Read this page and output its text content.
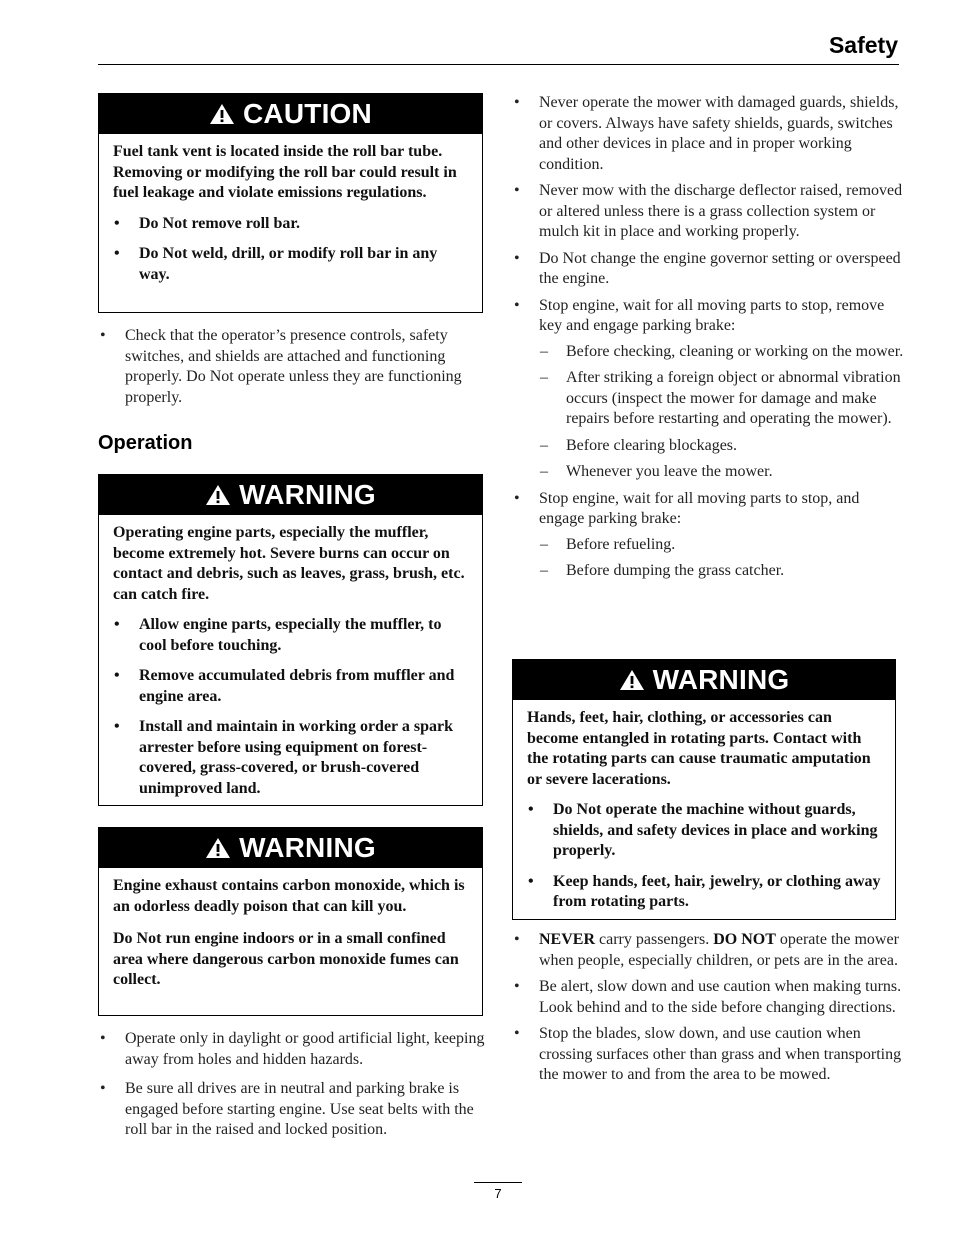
Safety
CAUTION

Fuel tank vent is located inside the roll bar tube. Removing or modifying the roll bar could result in fuel leakage and violate emissions regulations.

• Do Not remove roll bar.
• Do Not weld, drill, or modify roll bar in any way.
• Check that the operator’s presence controls, safety switches, and shields are attached and functioning properly. Do Not operate unless they are functioning properly.
Operation
WARNING

Operating engine parts, especially the muffler, become extremely hot. Severe burns can occur on contact and debris, such as leaves, grass, brush, etc. can catch fire.

• Allow engine parts, especially the muffler, to cool before touching.
• Remove accumulated debris from muffler and engine area.
• Install and maintain in working order a spark arrester before using equipment on forest-covered, grass-covered, or brush-covered unimproved land.
WARNING

Engine exhaust contains carbon monoxide, which is an odorless deadly poison that can kill you.

Do Not run engine indoors or in a small confined area where dangerous carbon monoxide fumes can collect.

• Operate only in daylight or good artificial light, keeping away from holes and hidden hazards.
• Be sure all drives are in neutral and parking brake is engaged before starting engine. Use seat belts with the roll bar in the raised and locked position.
• Never operate the mower with damaged guards, shields, or covers. Always have safety shields, guards, switches and other devices in place and in proper working condition.
• Never mow with the discharge deflector raised, removed or altered unless there is a grass collection system or mulch kit in place and working properly.
• Do Not change the engine governor setting or overspeed the engine.
• Stop engine, wait for all moving parts to stop, remove key and engage parking brake:
– Before checking, cleaning or working on the mower.
– After striking a foreign object or abnormal vibration occurs (inspect the mower for damage and make repairs before restarting and operating the mower).
– Before clearing blockages.
– Whenever you leave the mower.
• Stop engine, wait for all moving parts to stop, and engage parking brake:
– Before refueling.
– Before dumping the grass catcher.
WARNING

Hands, feet, hair, clothing, or accessories can become entangled in rotating parts. Contact with the rotating parts can cause traumatic amputation or severe lacerations.

• Do Not operate the machine without guards, shields, and safety devices in place and working properly.
• Keep hands, feet, hair, jewelry, or clothing away from rotating parts.
• NEVER carry passengers. DO NOT operate the mower when people, especially children, or pets are in the area.
• Be alert, slow down and use caution when making turns. Look behind and to the side before changing directions.
• Stop the blades, slow down, and use caution when crossing surfaces other than grass and when transporting the mower to and from the area to be mowed.
7
